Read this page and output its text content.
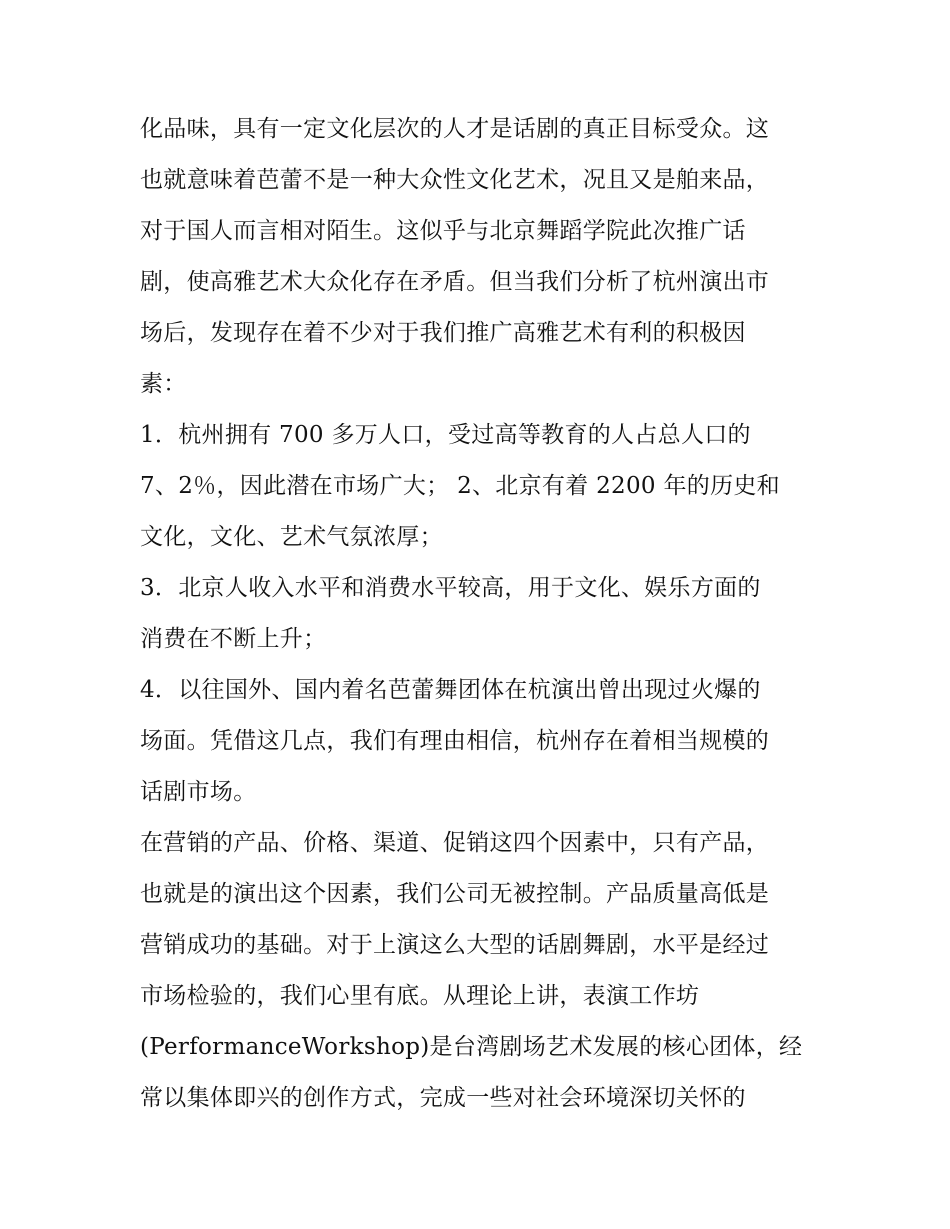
化品味，具有一定文化层次的人才是话剧的真正目标受众。这
也就意味着芭蕾不是一种大众性文化艺术，况且又是舶来品，
对于国人而言相对陌生。这似乎与北京舞蹈学院此次推广话
剧，使高雅艺术大众化存在矛盾。但当我们分析了杭州演出市
场后，发现存在着不少对于我们推广高雅艺术有利的积极因
素：
1．杭州拥有 700 多万人口，受过高等教育的人占总人口的
7、2％，因此潜在市场广大； 2、北京有着 2200 年的历史和
文化，文化、艺术气氛浓厚；
3．北京人收入水平和消费水平较高，用于文化、娱乐方面的
消费在不断上升；
4．以往国外、国内着名芭蕾舞团体在杭演出曾出现过火爆的
场面。凭借这几点，我们有理由相信，杭州存在着相当规模的
话剧市场。
在营销的产品、价格、渠道、促销这四个因素中，只有产品，
也就是的演出这个因素，我们公司无被控制。产品质量高低是
营销成功的基础。对于上演这么大型的话剧舞剧，水平是经过
市场检验的，我们心里有底。从理论上讲，表演工作坊
(PerformanceWorkshop)是台湾剧场艺术发展的核心团体，经
常以集体即兴的创作方式，完成一些对社会环境深切关怀的
